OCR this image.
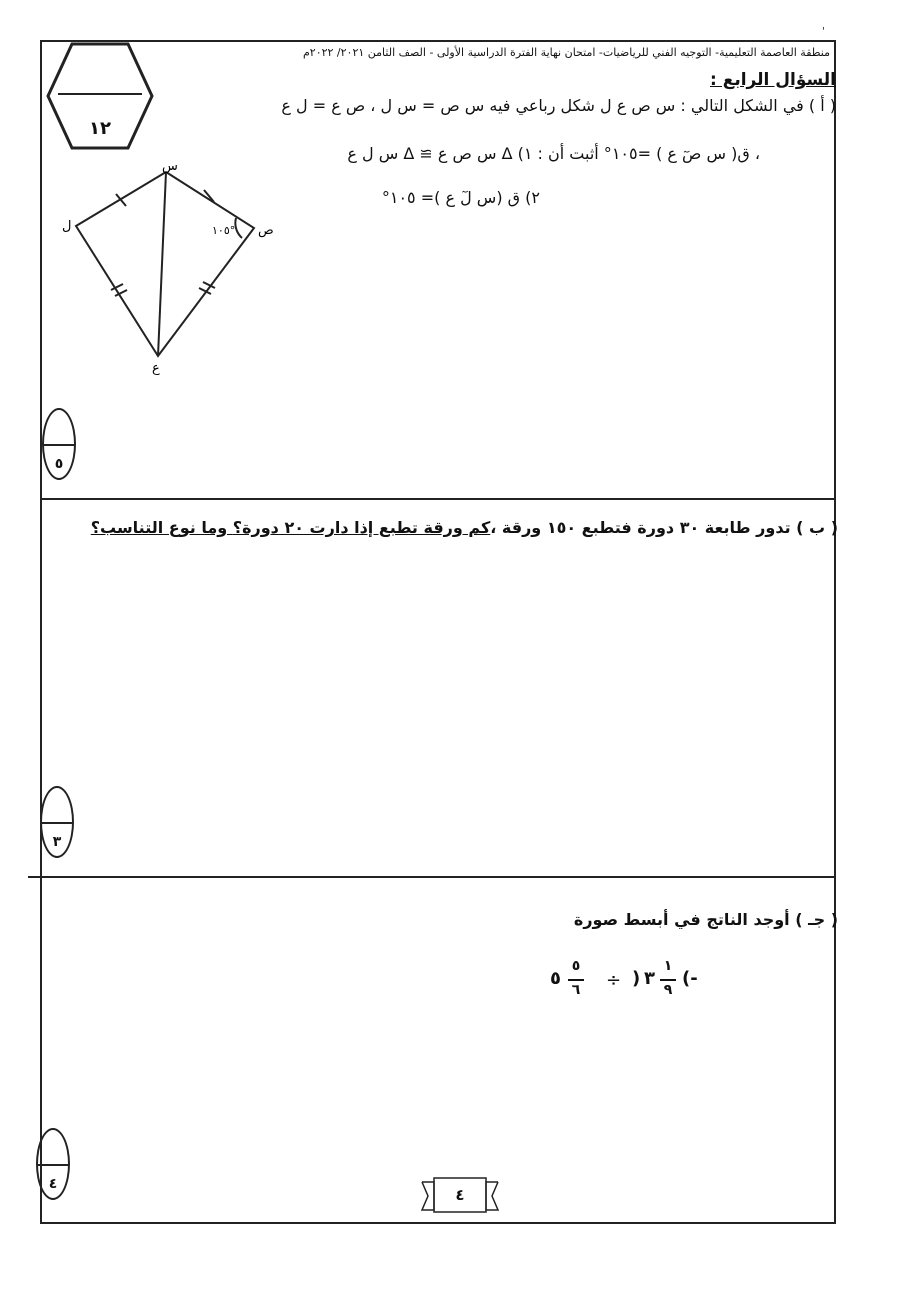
'
منطقة العاصمة التعليمية- التوجيه الفني للرياضيات- امتحان نهاية الفترة الدراسية الأولى - الصف الثامن ٢٠٢١/ ٢٠٢٢م
١٢
السؤال الرابع :
( أ ) في الشكل التالي : س ص ع ل شكل رباعي فيه س ص = س ل ، ص ع = ل ع
، ق( س صٓ ع ) =١٠٥° أثبت أن : ١) Δ س ص ع ≅ Δ س ل ع
٢) ق (س لٓ ع )= ١٠٥°
س
ل	ص
ع
١٠٥°
٥
( ب ) تدور طابعة ٣٠ دورة فتطبع ١٥٠ ورقة ،كم ورقة تطبع إذا دارت ٢٠ دورة؟ وما نوع التناسب؟
٣
( جـ ) أوجد الناتج في أبسط صورة
٥
٥
٦ ÷ ) ٣
١
٩
(-
٤
٤
